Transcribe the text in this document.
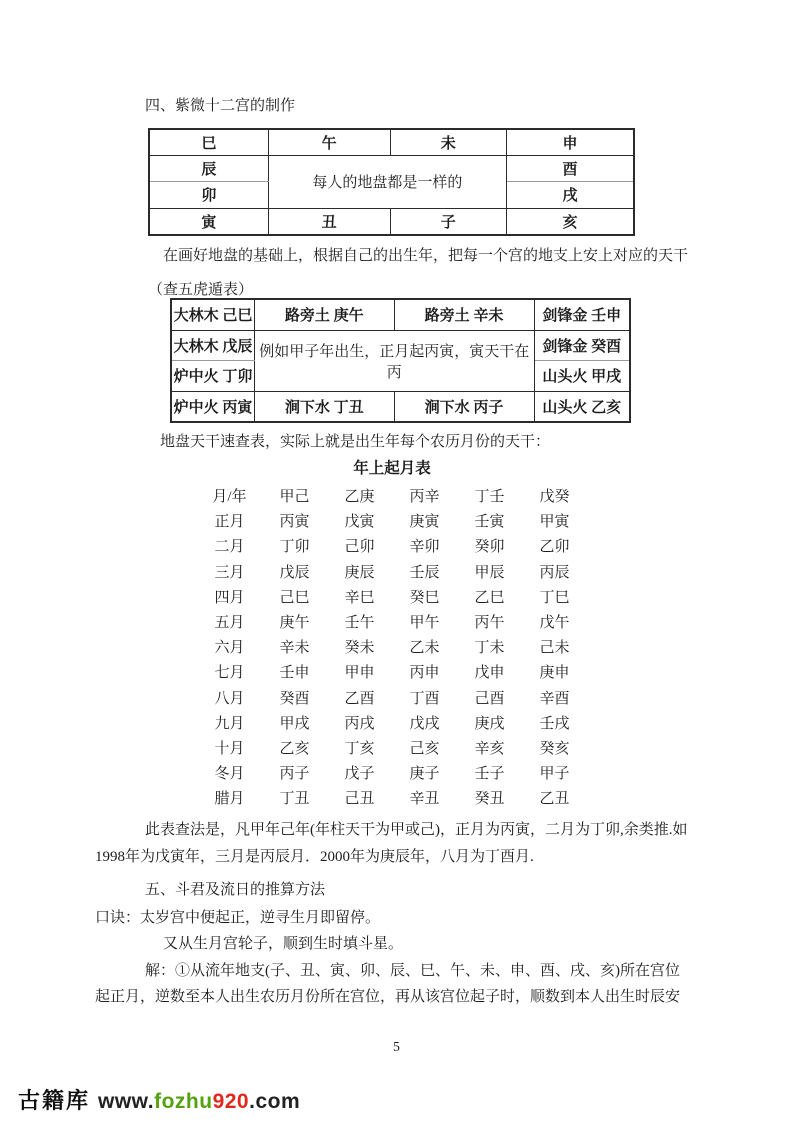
四、紫微十二宫的制作
巳	午	未	申
辰	每人的地盘都是一样的		酉
卯			戌
寅	丑	子	亥
在画好地盘的基础上，根据自己的出生年，把每一个宫的地支上安上对应的天干
（查五虎遁表）
大林木 己巳	路旁土 庚午	路旁土 辛未	剑锋金 壬申
大林木 戊辰	例如甲子年出生，正月起丙寅，寅天干在丙		剑锋金 癸酉
炉中火 丁卯			山头火 甲戌
炉中火 丙寅	涧下水 丁丑	涧下水 丙子	山头火 乙亥
地盘天干速查表，实际上就是出生年每个农历月份的天干：
年上起月表
月/年	甲己	乙庚	丙辛	丁壬	戊癸
正月	丙寅	戊寅	庚寅	壬寅	甲寅
二月	丁卯	己卯	辛卯	癸卯	乙卯
三月	戊辰	庚辰	壬辰	甲辰	丙辰
四月	己巳	辛巳	癸巳	乙巳	丁巳
五月	庚午	壬午	甲午	丙午	戊午
六月	辛未	癸未	乙未	丁未	己未
七月	壬申	甲申	丙申	戊申	庚申
八月	癸酉	乙酉	丁酉	己酉	辛酉
九月	甲戌	丙戌	戊戌	庚戌	壬戌
十月	乙亥	丁亥	己亥	辛亥	癸亥
冬月	丙子	戊子	庚子	壬子	甲子
腊月	丁丑	己丑	辛丑	癸丑	乙丑
此表查法是，凡甲年己年(年柱天干为甲或己)，正月为丙寅，二月为丁卯,余类推.如
1998年为戊寅年，三月是丙辰月．2000年为庚辰年，八月为丁酉月.
五、斗君及流日的推算方法
口诀：太岁宫中便起正，逆寻生月即留停。
又从生月宫轮子，顺到生时填斗星。
解：①从流年地支(子、丑、寅、卯、辰、巳、午、未、申、酉、戌、亥)所在宫位
起正月，逆数至本人出生农历月份所在宫位，再从该宫位起子时，顺数到本人出生时辰安
5
古籍库 www.fozhu920.com
